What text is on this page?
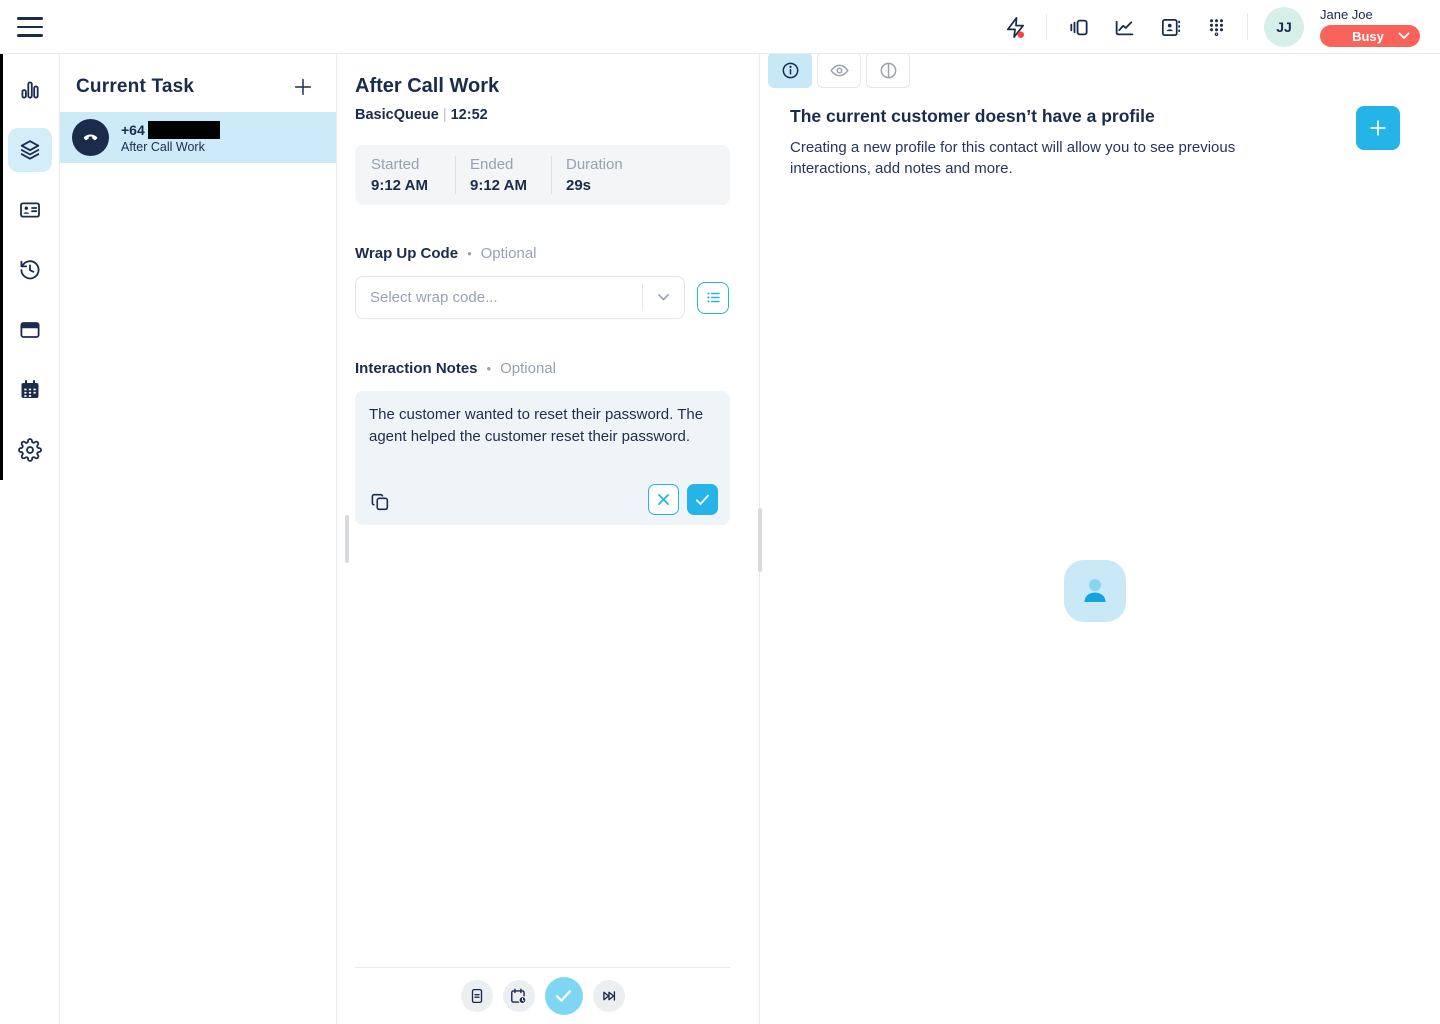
JJ
Jane Joe
Busy
Current Task
+64
After Call Work
After Call Work
BasicQueue | 12:52
Started
9:12 AM
Ended
9:12 AM
Duration
29s
Wrap Up Code • Optional
Select wrap code...
Interaction Notes • Optional
The customer wanted to reset their password. The agent helped the customer reset their password.
The current customer doesn’t have a profile

Creating a new profile for this contact will allow you to see previous interactions, add notes and more.
